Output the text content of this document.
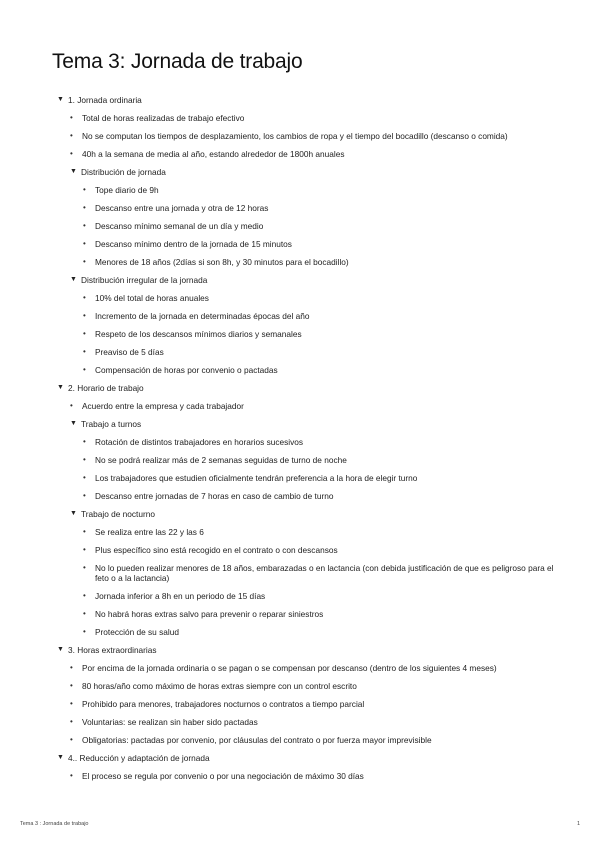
Tema 3: Jornada de trabajo
▼ 1. Jornada ordinaria
•	Total de horas realizadas de trabajo efectivo
•	No se computan los tiempos de desplazamiento, los cambios de ropa y el tiempo del bocadillo (descanso o comida)
•	40h a la semana de media al año, estando alrededor de 1800h anuales
▼ Distribución de jornada
•	Tope diario de 9h
•	Descanso entre una jornada y otra de 12 horas
•	Descanso mínimo semanal de un día y medio
•	Descanso mínimo dentro de la jornada de 15 minutos
•	Menores de 18 años (2días si son 8h, y 30 minutos para el bocadillo)
▼ Distribución irregular de la jornada
•	10% del total de horas anuales
•	Incremento de la jornada en determinadas épocas del año
•	Respeto de los descansos mínimos diarios y semanales
•	Preaviso de 5 días
•	Compensación de horas por convenio o pactadas
▼ 2. Horario de trabajo
•	Acuerdo entre la empresa y cada trabajador
▼ Trabajo a turnos
•	Rotación de distintos trabajadores en horarios sucesivos
•	No se podrá realizar más de 2 semanas seguidas de turno de noche
•	Los trabajadores que estudien oficialmente tendrán preferencia a la hora de elegir turno
•	Descanso entre jornadas de 7 horas en caso de cambio de turno
▼ Trabajo de nocturno
•	Se realiza entre las 22 y las 6
•	Plus específico sino está recogido en el contrato o con descansos
•	No lo pueden realizar menores de 18 años, embarazadas o en lactancia (con debida justificación de que es peligroso para el feto o a la lactancia)
•	Jornada inferior a 8h en un periodo de 15 días
•	No habrá horas extras salvo para prevenir o reparar siniestros
•	Protección de su salud
▼ 3. Horas extraordinarias
•	Por encima de la jornada ordinaria o se pagan o se compensan por descanso (dentro de los siguientes 4 meses)
•	80 horas/año como máximo de horas extras siempre con un control escrito
•	Prohibido para menores, trabajadores nocturnos o contratos a tiempo parcial
•	Voluntarias: se realizan sin haber sido pactadas
•	Obligatorias: pactadas por convenio, por cláusulas del contrato o por fuerza mayor imprevisible
▼ 4.. Reducción y adaptación de jornada
•	El proceso se regula por convenio o por una negociación de máximo 30 días
Tema 3 : Jornada de trabajo	1
